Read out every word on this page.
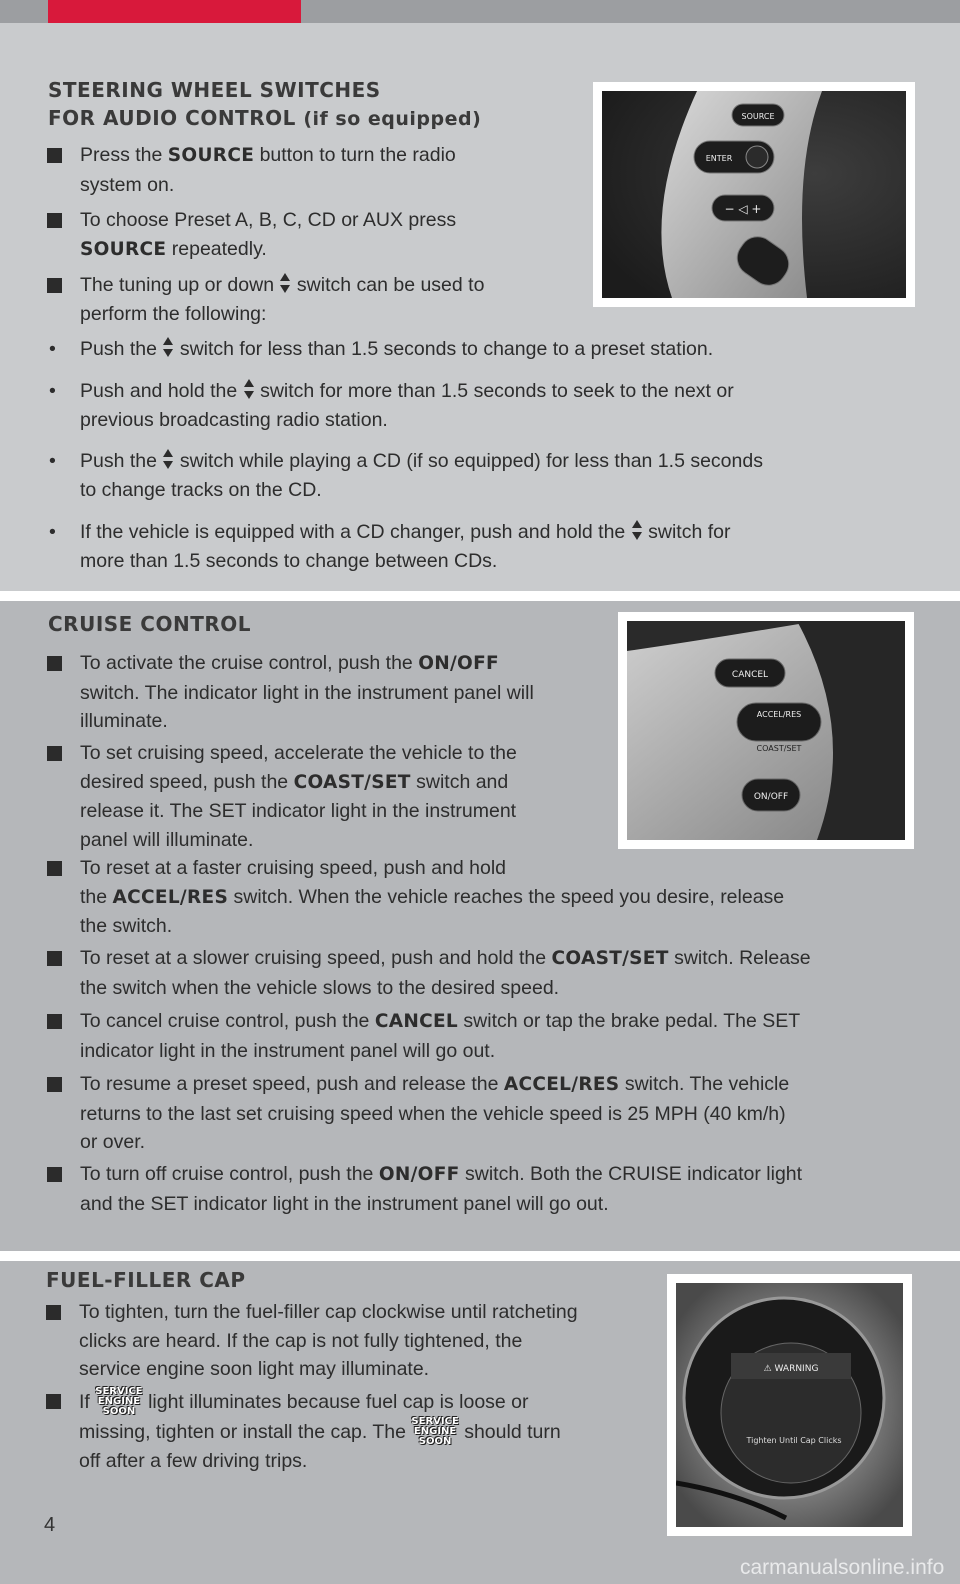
STEERING WHEEL SWITCHES
FOR AUDIO CONTROL (if so equipped)
Press the SOURCE button to turn the radio
system on.
To choose Preset A, B, C, CD or AUX press
SOURCE repeatedly.
The tuning up or down switch can be used to
perform the following:
• Push the switch for less than 1.5 seconds to change to a preset station.
• Push and hold the switch for more than 1.5 seconds to seek to the next or
previous broadcasting radio station.
• Push the switch while playing a CD (if so equipped) for less than 1.5 seconds
to change tracks on the CD.
• If the vehicle is equipped with a CD changer, push and hold the switch for
more than 1.5 seconds to change between CDs.
SOURCE
ENTER
− ◁ +
CRUISE CONTROL
To activate the cruise control, push the ON/OFF
switch. The indicator light in the instrument panel will
illuminate.
To set cruising speed, accelerate the vehicle to the
desired speed, push the COAST/SET switch and
release it. The SET indicator light in the instrument
panel will illuminate.
To reset at a faster cruising speed, push and hold
the ACCEL/RES switch. When the vehicle reaches the speed you desire, release
the switch.
To reset at a slower cruising speed, push and hold the COAST/SET switch. Release
the switch when the vehicle slows to the desired speed.
To cancel cruise control, push the CANCEL switch or tap the brake pedal. The SET
indicator light in the instrument panel will go out.
To resume a preset speed, push and release the ACCEL/RES switch. The vehicle
returns to the last set cruising speed when the vehicle speed is 25 MPH (40 km/h)
or over.
To turn off cruise control, push the ON/OFF switch. Both the CRUISE indicator light
and the SET indicator light in the instrument panel will go out.
CANCEL
ACCEL/RES
COAST/SET
ON/OFF
FUEL-FILLER CAP
To tighten, turn the fuel-filler cap clockwise until ratcheting
clicks are heard. If the cap is not fully tightened, the
service engine soon light may illuminate.
If SERVICE
ENGINE
SOON light illuminates because fuel cap is loose or
missing, tighten or install the cap. The SERVICE
ENGINE
SOON should turn
off after a few driving trips.
⚠ WARNING
Tighten Until Cap Clicks
4
carmanualsonline.info
